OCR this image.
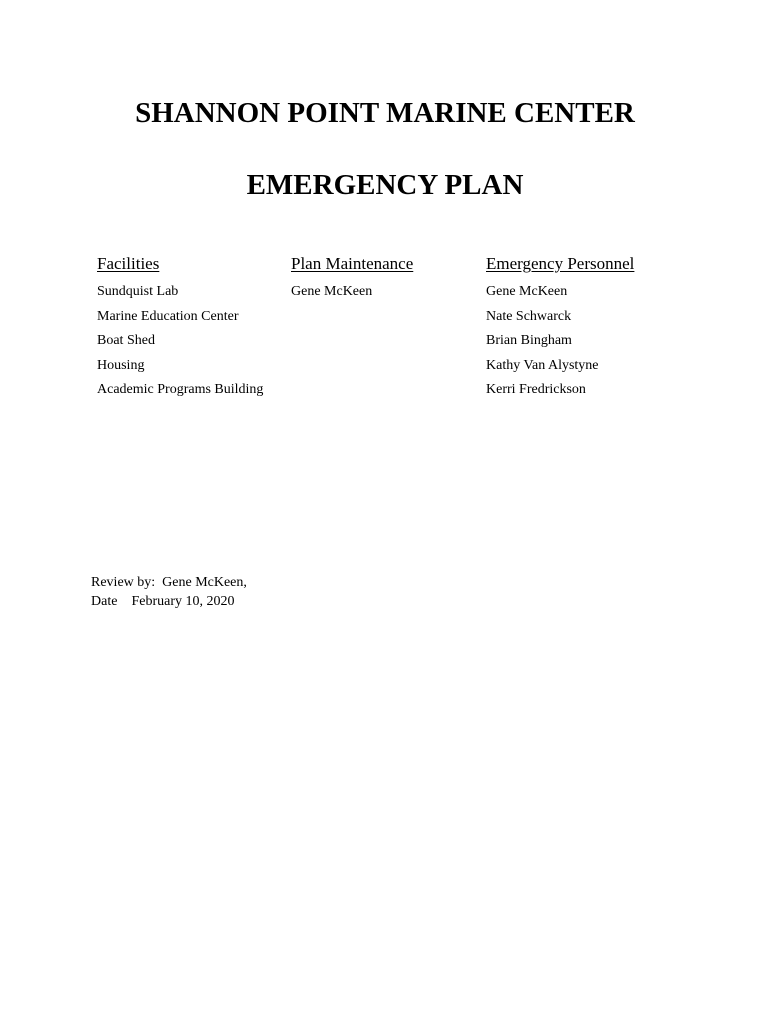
SHANNON POINT MARINE CENTER
EMERGENCY PLAN
Facilities
Sundquist Lab
Marine Education Center
Boat Shed
Housing
Academic Programs Building
Plan Maintenance
Gene McKeen
Emergency Personnel
Gene McKeen
Nate Schwarck
Brian Bingham
Kathy Van Alystyne
Kerri Fredrickson
Review by: Gene McKeen,
Date February 10, 2020
